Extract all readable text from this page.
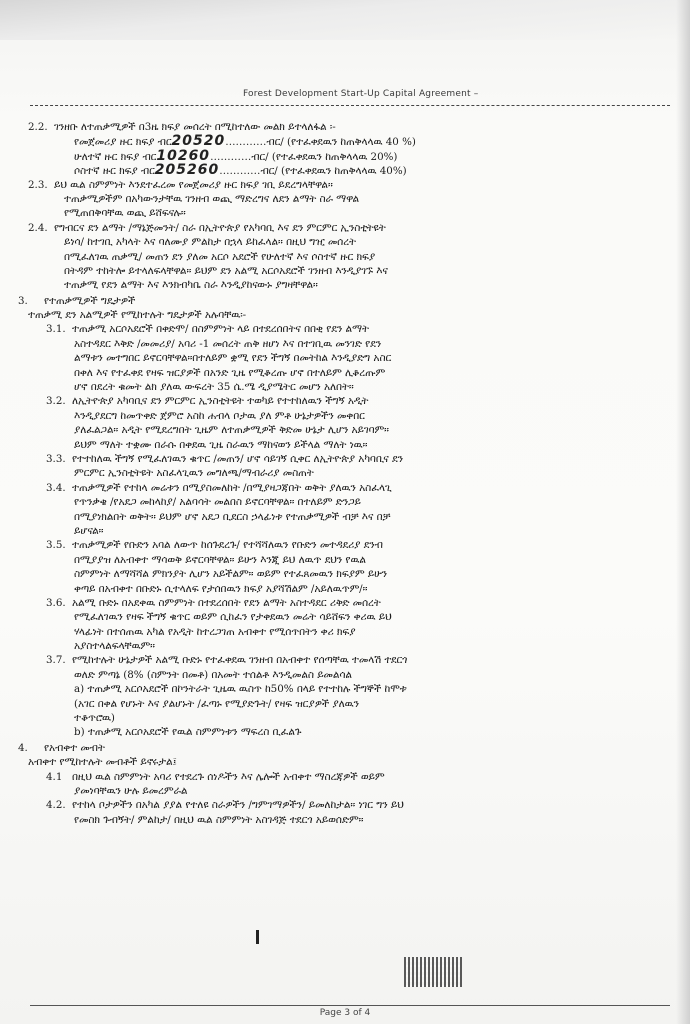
Forest Development Start-Up Capital Agreement –
2.2. ገንዘቡ ለተጠቃሚዎች በ3ዜ ክፍያ መሰረት በሚከተለው መልክ ይተላለፋል ፡-
የመጀመሪያ ዙር ክፍያ ብር20520…………ብር/ (የተፈቀደዉን ከጠቅላላዉ 40 %)
ሁለተኛ ዙር ክፍያ ብር10260…………ብር/ (የተፈቀደዉን ከጠቅላላዉ 20%)
ሶስተኛ ዙር ክፍያ ብር205260…………ብር/ (የተፈቀደዉን ከጠቅላላዉ 40%)
2.3. ይህ ዉል ስምምነት እንደተፈረመ የመጀመሪያ ዙር ክፍያ ገቢ ይደረግላቸዋል።
ተጠቃሚዎችም በአካውንታቸዉ ገንዘብ ወጪ ማድረግና ለደን ልማት ስራ ማዋል
የሚጠበቅባቸዉ ወጪ ይሸፍናሉ።
2.4. የግብርና ደን ልማት /ማኔጅመንት/ ስራ በኢትዮጵያ የአካባቢ እና ደን ምርምር ኢንስቲትዩት
ይነሳ/ ከተገቢ አካላት እና ባለሙያ ምልከታ በኋላ ይከፈላል። በዚህ ግዢ መሰረት
በሚፈለገዉ ጠቃሚ/ መጠን ደን ያለመ አርሶ አደሮች የሁለተኛ እና ሶስተኛ ዙር ክፍያ
በትዳም ተከትሎ ይተላለፍላቸዋል። ይህም ደን አልሚ አርሶአደሮች ገንዘብ እንዲያገኙ እና
ተጠቃሚ የደን ልማት እና እንክብካቤ ስራ እንዲያከናውኑ ያግዛቸዋል።
3. የተጠቃሚዎች ግዴታዎች
ተጠቃሚ ደን አልሚዎች የሚከተሉት ግዴታዎች አሉባቸዉ፡-
3.1. ተጠቃሚ አርሶአደሮች በቀድሞ/ በስምምነት ላይ በተደረሰበትና በበቂ የደን ልማት
አስተዳደር እቅድ /መመሪያ/ አባሪ -1 መሰረት ጠቅ ዘሆነ እና በተገቢዉ መንገድ የደን
ልማቱን መተግበር ይኖርባቸዋል።በተለይም ቋሚ የደን ችግኝ በመትከል እንዲያድግ አስር
በቀለ እና የተፈቀደ የዛፍ ዝርያዎች በአንድ ጊዜ የሚቆረጡ ሆኖ በተለይም ሊቆረጡም
ሆኖ በደረት ቁመት ልክ ያለዉ ውፍረት 35 ሴ.ሜ ዲያሜትር መሆን አለበት።
3.2. ለኢትዮጵያ አካባቢና ደን ምርምር ኢንስቲትዩት ተወካይ የተተከለዉን ችግኝ አዲት
እንዲያደርግ ከመጥቀድ ጀምሮ አስከ ሐብላ ቦታዉ ያለ ምቶ ሁኔታዎችን መቀበር
ያለፈልጋል። አዲት የሚደረግበት ጊዜም ለተጠቃሚዎች ቅድመ ሁኔታ ሊሆን አይገባም።
ይህም ማለት ተቋሙ በራሱ በቀደዉ ጊዜ ስራዉን ማከናወን ይችላል ማለት ነዉ።
3.3. የተተከለዉ ችግኝ የሚፈለገዉን ቁጥር /መጠን/ ሆኖ ሳይገኝ ሲቀር ለኢትዮጵያ አካባቢና ደን
ምርምር ኢንስቲትዩት አስፈላጊዉን መግለጫ/ማብራሪያ መስጠት
3.4. ተጠቃሚዎች የተከላ መሬቱን በሚያስመለከት /በሚያዛጋጃበት ወቅት ያለዉን አስፈላጊ
የጥንቃቄ /የአደጋ መከላከያ/ አልባሳት መልበስ ይኖርባቸዋል። በተለይም ድንጋይ
በሚያነክልበት ወቅት። ይህም ሆኖ አደጋ ቢደርስ ኃላፊነቱ የተጠቃሚዎች ብቻ እና በቻ
ይሆናል።
3.5. ተጠቃሚዎች የቡድን አባል ለውጥ ከሰጉደረጉ/ የተሻሻለዉን የቡድን መተዳደሪያ ደንብ
በሚያያዝ ለአብቀተ ማሳወቅ ይኖርባቸዋል። ይሁን እንጂ ይህ ለዉጥ ደህን የዉል
ስምምነት ለማሻሻል ምክንያት ሊሆን አይችልም። ወይም የተፈጸመዉን ክፍያም ይሁን
ቀጣይ በአብቀተ በቡድኑ ሲተላለፍ የታሰበዉን ክፍያ አያሻሽልም /አይለዉጥም/።
3.6. አልሚ ቡድኑ በአደቀዉ ስምምነት በተደረሰበት የደን ልማት አስተዳደር ሪቅድ መሰረት
የሚፈለገዉን የዛፍ ችግኝ ቁጥር ወይም ሲከፈን የታቀደዉን መሬት ሳይሸፍን ቀሪዉ ይህ
ሃላፊነት በተሰጠዉ አካል የአዲት ከተረጋገጠ አብቀተ የሚሰጥበትን ቀሪ ክፍያ
አያስተላልፍላቸዉም።
3.7. የሚከተሉት ሁኔታዎች አልሚ ቡድኑ የተፈቀደዉ ገንዘብ በአብቀተ የሰጣቸዉ ተመላሽ ተደርጎ
ወለድ ምጣኔ (8% (ስምንት በመቶ) በአመት ተሰልቶ እንዲመልስ ይመልሳል
a) ተጠቃሚ አርሶአደሮች በኮንትራት ጊዜዉ ዉስጥ ከ50% በላይ የተተከሉ ችግኞች ከሞቱ
(አገር በቀል የሆኑት እና ያልሆኑት /ፈጣኑ የሚያድጉት/ የዛፍ ዝርያዎች ያለዉን
ተቆጥሮዉ)
b) ተጠቃሚ አርሶአደሮች የዉል ስምምነቱን ማፍረስ ቢፈልጉ
4. የአብቀተ መብት
አብቀተ የሚከተሉት መብቶች ይኖሩታል፤
4.1 በዚህ ዉል ስምምነት አባሪ የተደረጉ ሰነዶችን እና ሌሎች አብቀተ ማስረጃዎች ወይም
ያመነባቸዉን ሁሉ ይመረምራል
4.2. የተከላ ቦታዎችን በአካል ያያል የተለዩ ስራዎችን /ግምገማዎችን/ ይመለከታል። ነገር ግን ይህ
የመስክ ጉብኝት/ ምልከታ/ በዚህ ዉል ስምምነት አስገዳጅ ተደርጎ አይወሰድም።
Page 3 of 4
